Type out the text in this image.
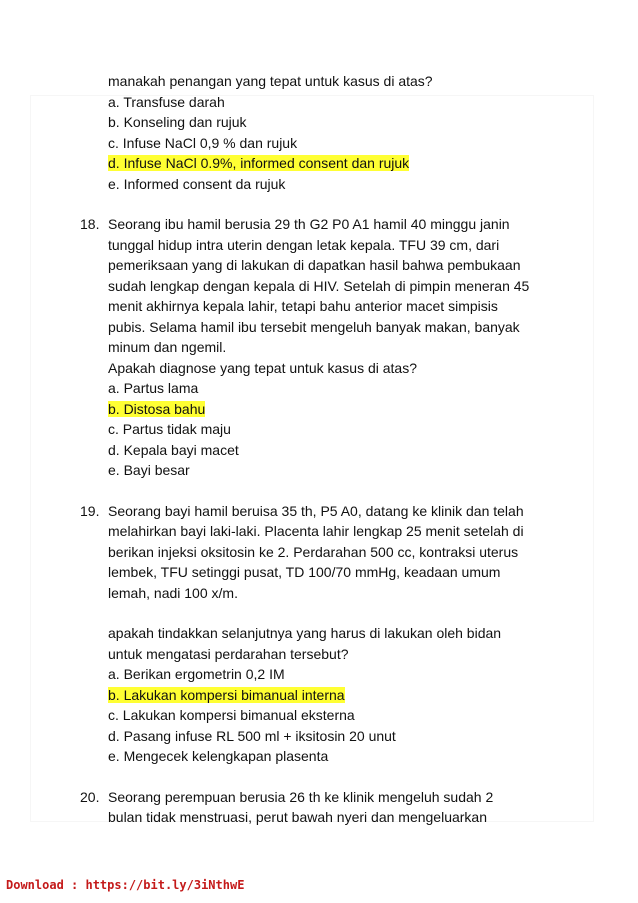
manakah penangan yang tepat untuk kasus di atas?
a. Transfuse darah
b. Konseling dan rujuk
c. Infuse NaCl 0,9 % dan rujuk
d. Infuse NaCl 0.9%, informed consent dan rujuk
e. Informed consent da rujuk
18. Seorang ibu hamil berusia 29 th G2 P0 A1 hamil 40 minggu janin
tunggal hidup intra uterin dengan letak kepala. TFU 39 cm, dari
pemeriksaan yang di lakukan di dapatkan hasil bahwa pembukaan
sudah lengkap dengan kepala di HIV. Setelah di pimpin meneran 45
menit akhirnya kepala lahir, tetapi bahu anterior macet simpisis
pubis. Selama hamil ibu tersebit mengeluh banyak makan, banyak
minum dan ngemil.
Apakah diagnose yang tepat untuk kasus di atas?
a. Partus lama
b. Distosa bahu
c. Partus tidak maju
d. Kepala bayi macet
e. Bayi besar
19. Seorang bayi hamil beruisa 35 th, P5 A0, datang ke klinik dan telah
melahirkan bayi laki-laki. Placenta lahir lengkap 25 menit setelah di
berikan injeksi oksitosin ke 2. Perdarahan 500 cc, kontraksi uterus
lembek, TFU setinggi pusat, TD 100/70 mmHg, keadaan umum
lemah, nadi 100 x/m.
apakah tindakkan selanjutnya yang harus di lakukan oleh bidan
untuk mengatasi perdarahan tersebut?
a. Berikan ergometrin 0,2 IM
b. Lakukan kompersi bimanual interna
c. Lakukan kompersi bimanual eksterna
d. Pasang infuse RL 500 ml + iksitosin 20 unut
e. Mengecek kelengkapan plasenta
20. Seorang perempuan berusia 26 th ke klinik mengeluh sudah 2
bulan tidak menstruasi, perut bawah nyeri dan mengeluarkan
Download : https://bit.ly/3iNthwE
